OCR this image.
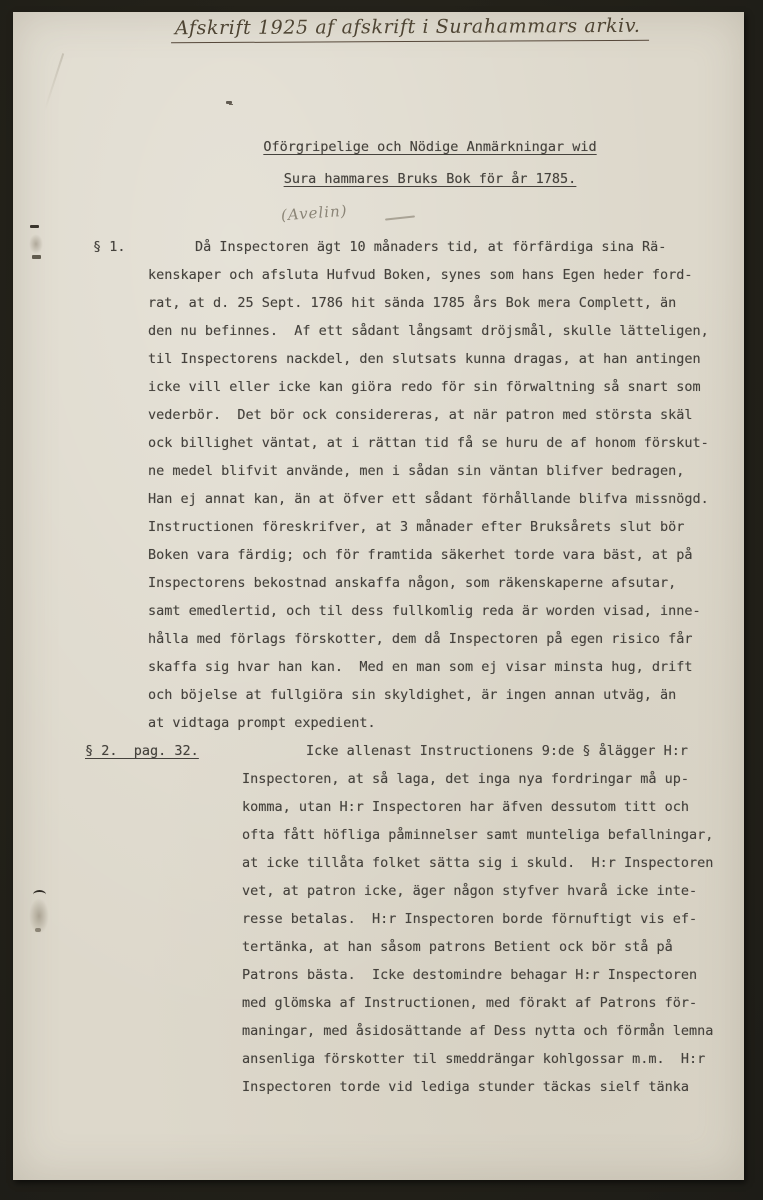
Afskrift 1925 af afskrift i Surahammars arkiv.
Oförgripelige och Nödige Anmärkningar wid
Sura hammares Bruks Bok för år 1785.
(Avelin)
§ 1.	Då Inspectoren ägt 10 månaders tid, at förfärdiga sina Rä-
kenskaper och afsluta Hufvud Boken, synes som hans Egen heder ford-
rat, at d. 25 Sept. 1786 hit sända 1785 års Bok mera Complett, än
den nu befinnes.  Af ett sådant långsamt dröjsmål, skulle lätteligen,
til Inspectorens nackdel, den slutsats kunna dragas, at han antingen
icke vill eller icke kan giöra redo för sin förwaltning så snart som
vederbör.  Det bör ock considereras, at när patron med största skäl
ock billighet väntat, at i rättan tid få se huru de af honom förskut-
ne medel blifvit använde, men i sådan sin väntan blifver bedragen,
Han ej annat kan, än at öfver ett sådant förhållande blifva missnögd.
Instructionen föreskrifver, at 3 månader efter Bruksårets slut bör
Boken vara färdig; och för framtida säkerhet torde vara bäst, at på
Inspectorens bekostnad anskaffa någon, som räkenskaperne afsutar,
samt emedlertid, och til dess fullkomlig reda är worden visad, inne-
hålla med förlags förskotter, dem då Inspectoren på egen risico får
skaffa sig hvar han kan.  Med en man som ej visar minsta hug, drift
och böjelse at fullgiöra sin skyldighet, är ingen annan utväg, än
at vidtaga prompt expedient.
§ 2.  pag. 32.	Icke allenast Instructionens 9:de § ålägger H:r
Inspectoren, at så laga, det inga nya fordringar må up-
komma, utan H:r Inspectoren har äfven dessutom titt och
ofta fått höfliga påminnelser samt munteliga befallningar,
at icke tillåta folket sätta sig i skuld.  H:r Inspectoren
vet, at patron icke, äger någon styfver hvarå icke inte-
resse betalas.  H:r Inspectoren borde förnuftigt vis ef-
tertänka, at han såsom patrons Betient ock bör stå på
Patrons bästa.  Icke destomindre behagar H:r Inspectoren
med glömska af Instructionen, med förakt af Patrons för-
maningar, med åsidosättande af Dess nytta och förmån lemna
ansenliga förskotter til smeddrängar kohlgossar m.m.  H:r
Inspectoren torde vid lediga stunder täckas sielf tänka
